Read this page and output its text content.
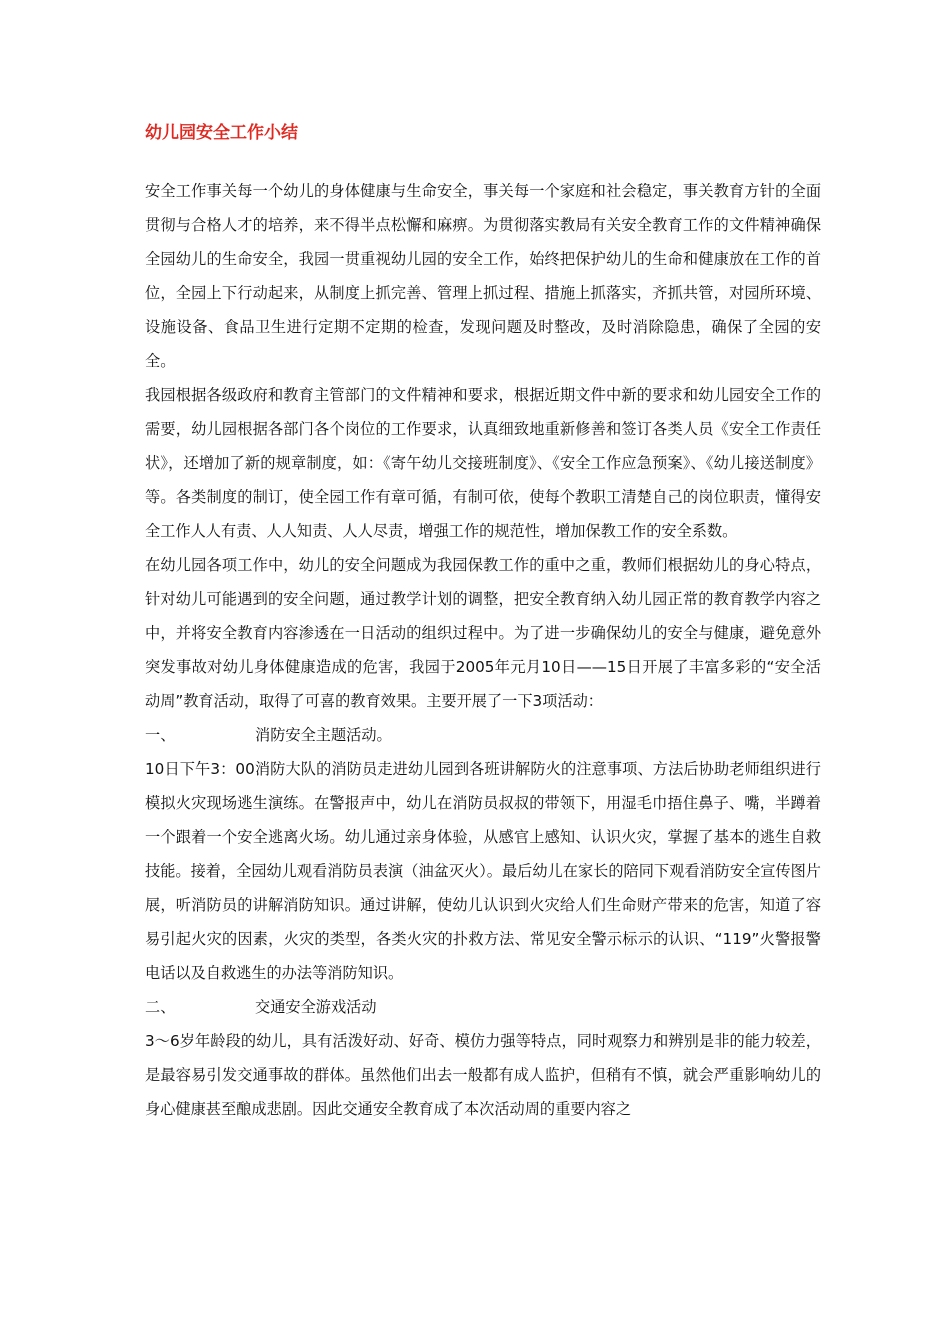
幼儿园安全工作小结

安全工作事关每一个幼儿的身体健康与生命安全，事关每一个家庭和社会稳定，事关教育方针的全面贯彻与合格人才的培养，来不得半点松懈和麻痹。为贯彻落实教局有关安全教育工作的文件精神确保全园幼儿的生命安全，我园一贯重视幼儿园的安全工作，始终把保护幼儿的生命和健康放在工作的首位，全园上下行动起来，从制度上抓完善、管理上抓过程、措施上抓落实，齐抓共管，对园所环境、设施设备、食品卫生进行定期不定期的检查，发现问题及时整改，及时消除隐患，确保了全园的安全。

我园根据各级政府和教育主管部门的文件精神和要求，根据近期文件中新的要求和幼儿园安全工作的需要，幼儿园根据各部门各个岗位的工作要求，认真细致地重新修善和签订各类人员《安全工作责任状》，还增加了新的规章制度，如：《寄午幼儿交接班制度》、《安全工作应急预案》、《幼儿接送制度》等。各类制度的制订，使全园工作有章可循，有制可依，使每个教职工清楚自己的岗位职责，懂得安全工作人人有责、人人知责、人人尽责，增强工作的规范性，增加保教工作的安全系数。

在幼儿园各项工作中，幼儿的安全问题成为我园保教工作的重中之重，教师们根据幼儿的身心特点，针对幼儿可能遇到的安全问题，通过教学计划的调整，把安全教育纳入幼儿园正常的教育教学内容之中，并将安全教育内容渗透在一日活动的组织过程中。为了进一步确保幼儿的安全与健康，避免意外突发事故对幼儿身体健康造成的危害，我园于2005年元月10日——15日开展了丰富多彩的“安全活动周”教育活动，取得了可喜的教育效果。主要开展了一下3项活动：

一、	消防安全主题活动。

10日下午3：00消防大队的消防员走进幼儿园到各班讲解防火的注意事项、方法后协助老师组织进行模拟火灾现场逃生演练。在警报声中，幼儿在消防员叔叔的带领下，用湿毛巾捂住鼻子、嘴，半蹲着一个跟着一个安全逃离火场。幼儿通过亲身体验，从感官上感知、认识火灾，掌握了基本的逃生自救技能。接着，全园幼儿观看消防员表演（油盆灭火）。最后幼儿在家长的陪同下观看消防安全宣传图片展，听消防员的讲解消防知识。通过讲解，使幼儿认识到火灾给人们生命财产带来的危害，知道了容易引起火灾的因素，火灾的类型，各类火灾的扑救方法、常见安全警示标示的认识、“119”火警报警电话以及自救逃生的办法等消防知识。

二、	交通安全游戏活动

3～6岁年龄段的幼儿，具有活泼好动、好奇、模仿力强等特点，同时观察力和辨别是非的能力较差，是最容易引发交通事故的群体。虽然他们出去一般都有成人监护，但稍有不慎，就会严重影响幼儿的身心健康甚至酿成悲剧。因此交通安全教育成了本次活动周的重要内容之
